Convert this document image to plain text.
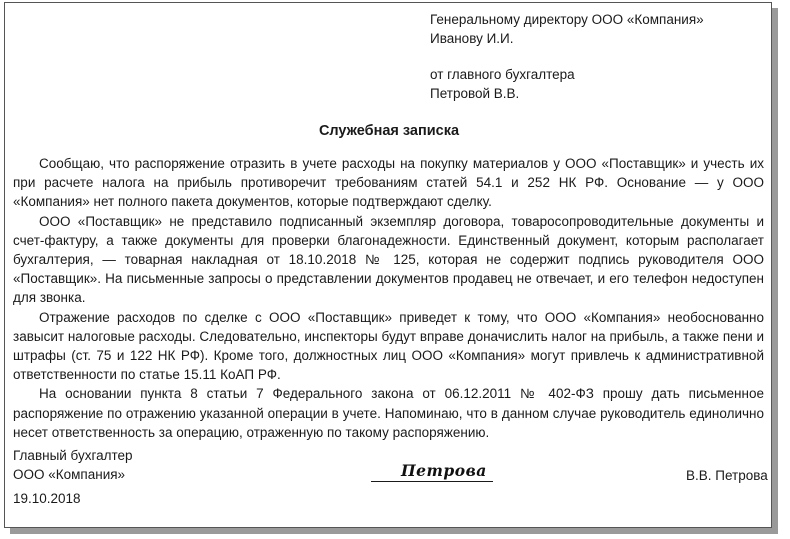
Генеральному директору ООО «Компания»
Иванову И.И.
от главного бухгалтера
Петровой В.В.
Служебная записка

Сообщаю, что распоряжение отразить в учете расходы на покупку материалов у ООО «Поставщик» и учесть их при расчете налога на прибыль противоречит требованиям статей 54.1 и 252 НК РФ. Основание — у ООО «Компания» нет полного пакета документов, которые подтверждают сделку.

ООО «Поставщик» не представило подписанный экземпляр договора, товаросопроводительные документы и счет-фактуру, а также документы для проверки благонадежности. Единственный документ, которым располагает бухгалтерия, — товарная накладная от 18.10.2018 № 125, которая не содержит подпись руководителя ООО «Поставщик». На письменные запросы о представлении документов продавец не отвечает, и его телефон недоступен для звонка.

Отражение расходов по сделке с ООО «Поставщик» приведет к тому, что ООО «Компания» необоснованно завысит налоговые расходы. Следовательно, инспекторы будут вправе доначислить налог на прибыль, а также пени и штрафы (ст. 75 и 122 НК РФ). Кроме того, должностных лиц ООО «Компания» могут привлечь к административной ответственности по статье 15.11 КоАП РФ.

На основании пункта 8 статьи 7 Федерального закона от 06.12.2011 № 402-ФЗ прошу дать письменное распоряжение по отражению указанной операции в учете. Напоминаю, что в данном случае руководитель единолично несет ответственность за операцию, отраженную по такому распоряжению.

Главный бухгалтер
ООО «Компания»	Петрова	В.В. Петрова
19.10.2018
